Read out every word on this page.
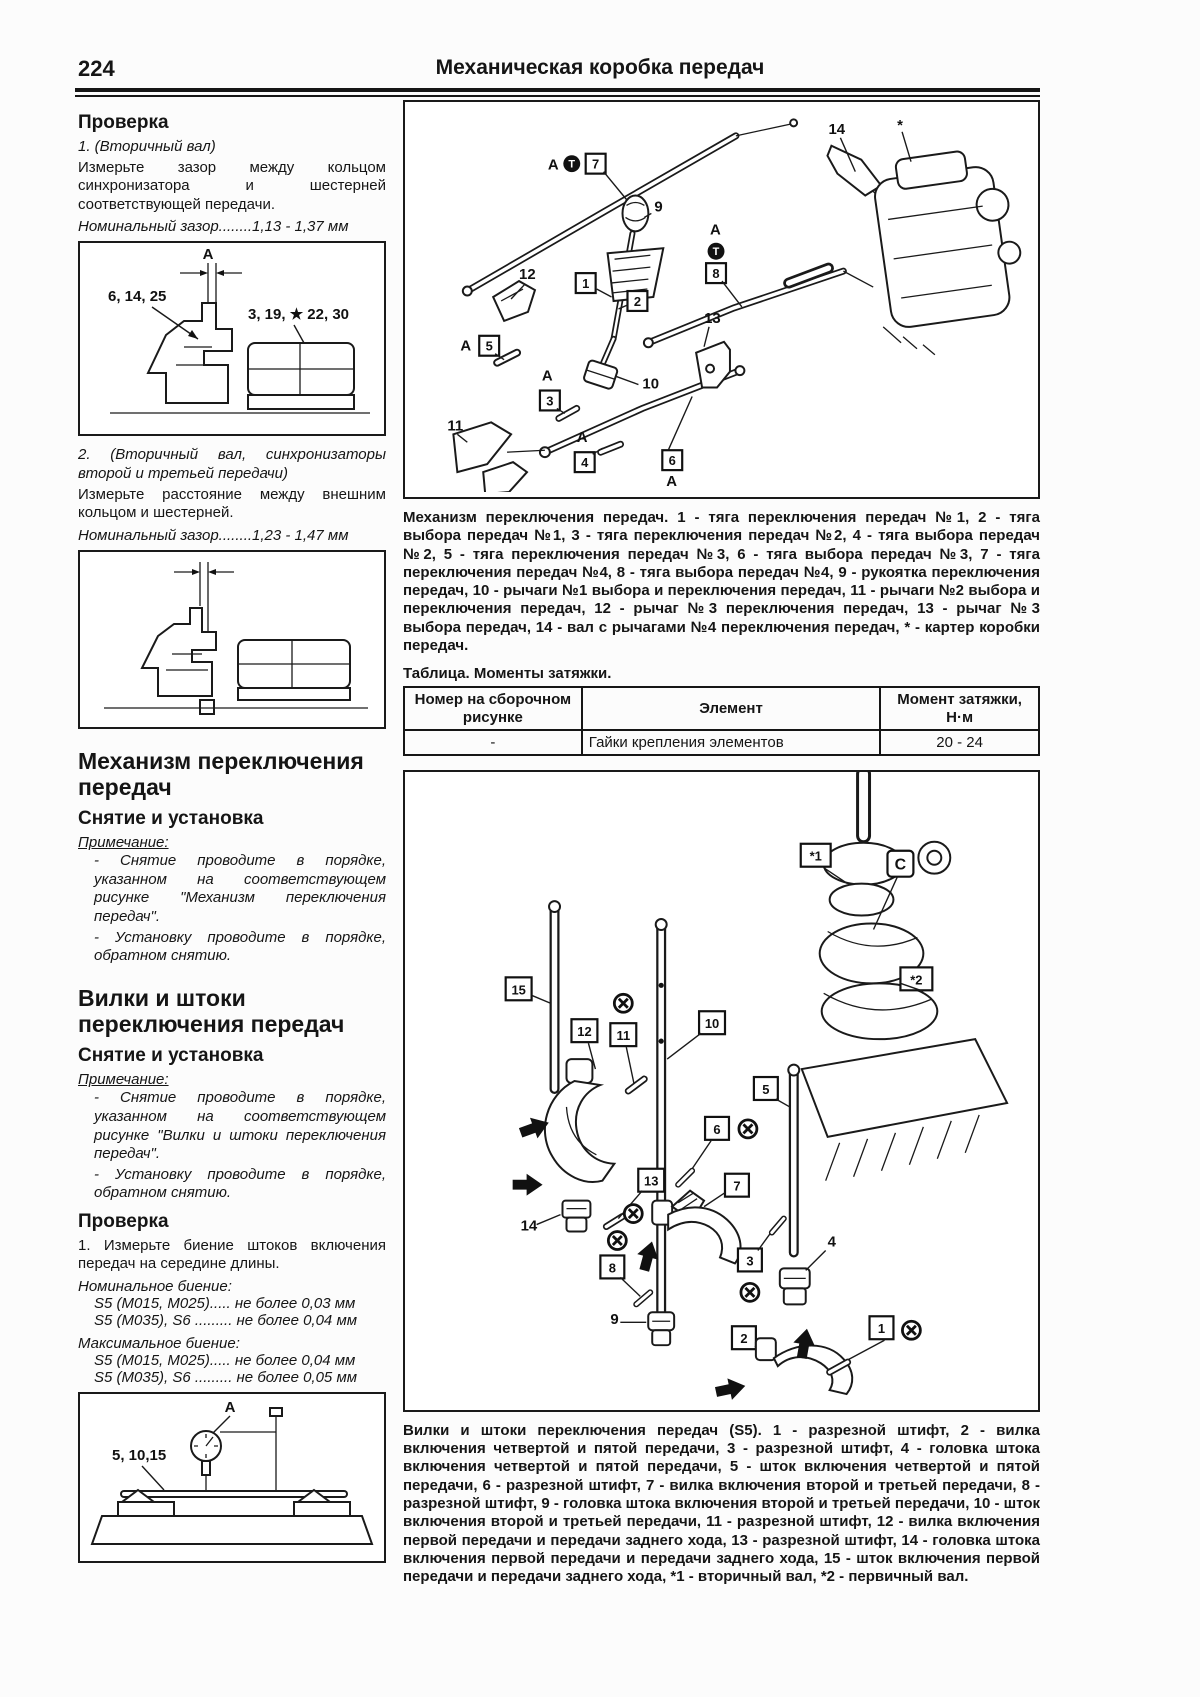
224	Механическая коробка передач
Проверка

1. (Вторичный вал)

Измерьте зазор между кольцом синхронизатора и шестерней соответствующей передачи.

Номинальный зазор........1,13 - 1,37 мм

A
6, 14, 25
3, 19, ★ 22, 30

2. (Вторичный вал, синхронизаторы второй и третьей передачи)

Измерьте расстояние между внешним кольцом и шестерней.

Номинальный зазор........1,23 - 1,47 мм

Механизм переключения передач
Снятие и установка

Примечание:

- Снятие проводите в порядке, указанном на соответствующем рисунке "Механизм переключения передач".

- Установку проводите в порядке, обратном снятию.

Вилки и штоки переключения передач
Снятие и установка

Примечание:

- Снятие проводите в порядке, указанном на соответствующем рисунке "Вилки и штоки переключения передач".

- Установку проводите в порядке, обратном снятию.

Проверка

1. Измерьте биение штоков включения передач на середине длины.

Номинальное биение:

S5 (M015, M025)..... не более 0,03 мм

S5 (M035), S6 ......... не более 0,04 мм

Максимальное биение:

S5 (M015, M025)..... не более 0,04 мм

S5 (M035), S6 ......... не более 0,05 мм

A
5, 10,15
A T 7
14	*
9
12
1
2
13
A
T
8
A 5
10
11
A
3
A
4	6
A

Механизм переключения передач. 1 - тяга переключения передач №1, 2 - тяга выбора передач №1, 3 - тяга переключения передач №2, 4 - тяга выбора передач №2, 5 - тяга переключения передач №3, 6 - тяга выбора передач №3, 7 - тяга переключения передач №4, 8 - тяга выбора передач №4, 9 - рукоятка переключения передач, 10 - рычаги №1 выбора и переключения передач, 11 - рычаги №2 выбора и переключения передач, 12 - рычаг №3 переключения передач, 13 - рычаг №3 выбора передач, 14 - вал с рычагами №4 переключения передач, * - картер коробки передач.

Таблица. Моменты затяжки.

Номер на сборочном рисунке	Элемент	Момент затяжки, Н·м
-	Гайки крепления элементов	20 - 24
*1
C
*2
15
10
5
11
12
14
13
6
7
8
9
3
4
2
1

Вилки и штоки переключения передач (S5). 1 - разрезной штифт, 2 - вилка включения четвертой и пятой передачи, 3 - разрезной штифт, 4 - головка штока включения четвертой и пятой передачи, 5 - шток включения четвертой и пятой передачи, 6 - разрезной штифт, 7 - вилка включения второй и третьей передачи, 8 - разрезной штифт, 9 - головка штока включения второй и третьей передачи, 10 - шток включения второй и третьей передачи, 11 - разрезной штифт, 12 - вилка включения первой передачи и передачи заднего хода, 13 - разрезной штифт, 14 - головка штока включения первой передачи и передачи заднего хода, 15 - шток включения первой передачи и передачи заднего хода, *1 - вторичный вал, *2 - первичный вал.
